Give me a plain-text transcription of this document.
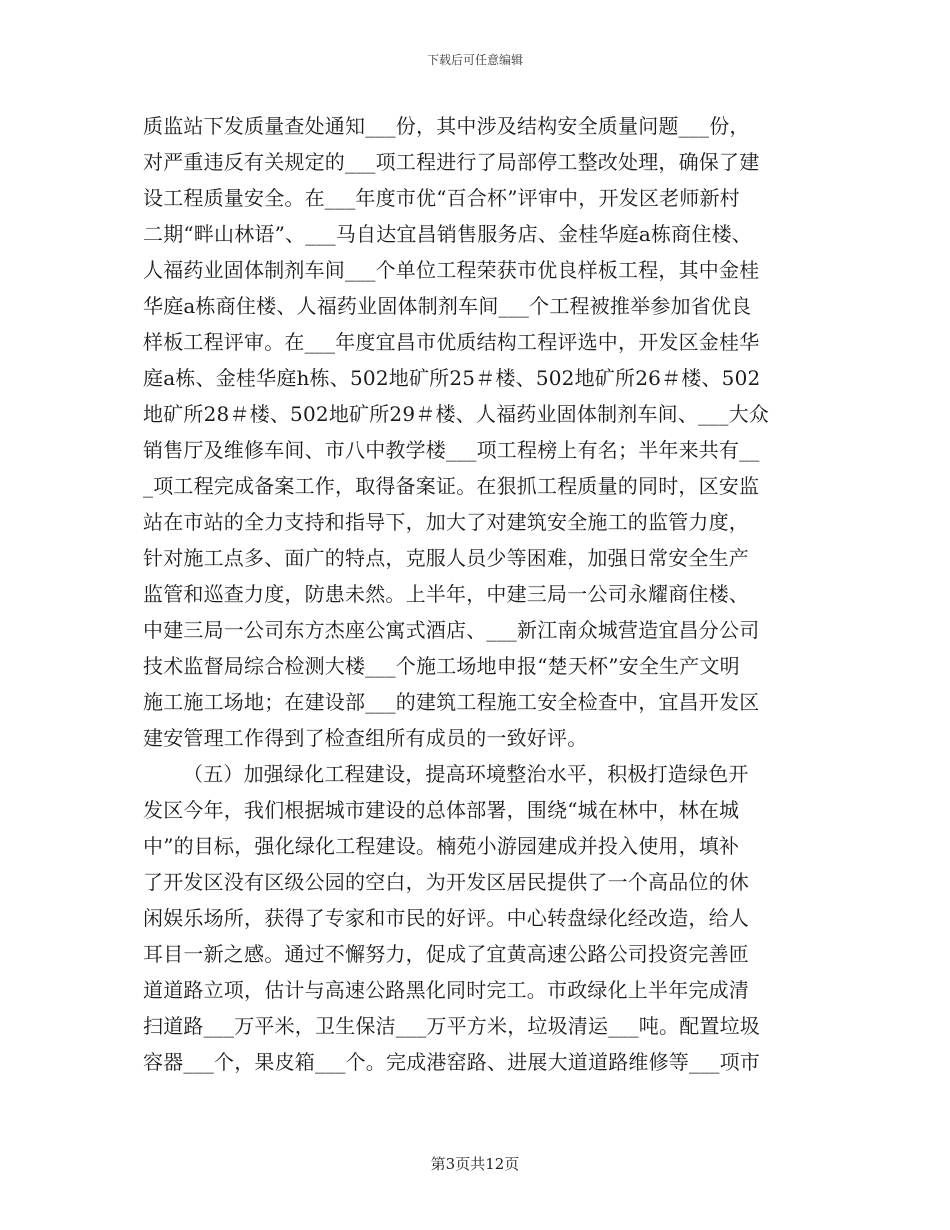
下载后可任意编辑
质监站下发质量查处通知___份，其中涉及结构安全质量问题___份，
对严重违反有关规定的___项工程进行了局部停工整改处理，确保了建
设工程质量安全。在___年度市优“百合杯”评审中，开发区老师新村
二期“畔山林语”、___马自达宜昌销售服务店、金桂华庭a栋商住楼、
人福药业固体制剂车间___个单位工程荣获市优良样板工程，其中金桂
华庭a栋商住楼、人福药业固体制剂车间___个工程被推举参加省优良
样板工程评审。在___年度宜昌市优质结构工程评选中，开发区金桂华
庭a栋、金桂华庭h栋、502地矿所25＃楼、502地矿所26＃楼、502
地矿所28＃楼、502地矿所29＃楼、人福药业固体制剂车间、___大众
销售厅及维修车间、市八中教学楼___项工程榜上有名；半年来共有__
_项工程完成备案工作，取得备案证。在狠抓工程质量的同时，区安监
站在市站的全力支持和指导下，加大了对建筑安全施工的监管力度，
针对施工点多、面广的特点，克服人员少等困难，加强日常安全生产
监管和巡查力度，防患未然。上半年，中建三局一公司永耀商住楼、
中建三局一公司东方杰座公寓式酒店、___新江南众城营造宜昌分公司
技术监督局综合检测大楼___个施工场地申报“楚天杯”安全生产文明
施工施工场地；在建设部___的建筑工程施工安全检查中，宜昌开发区
建安管理工作得到了检查组所有成员的一致好评。
（五）加强绿化工程建设，提高环境整治水平，积极打造绿色开
发区今年，我们根据城市建设的总体部署，围绕“城在林中，林在城
中”的目标，强化绿化工程建设。楠苑小游园建成并投入使用，填补
了开发区没有区级公园的空白，为开发区居民提供了一个高品位的休
闲娱乐场所，获得了专家和市民的好评。中心转盘绿化经改造，给人
耳目一新之感。通过不懈努力，促成了宜黄高速公路公司投资完善匝
道道路立项，估计与高速公路黑化同时完工。市政绿化上半年完成清
扫道路___万平米，卫生保洁___万平方米，垃圾清运___吨。配置垃圾
容器___个，果皮箱___个。完成港窑路、进展大道道路维修等___项市
第3页共12页
